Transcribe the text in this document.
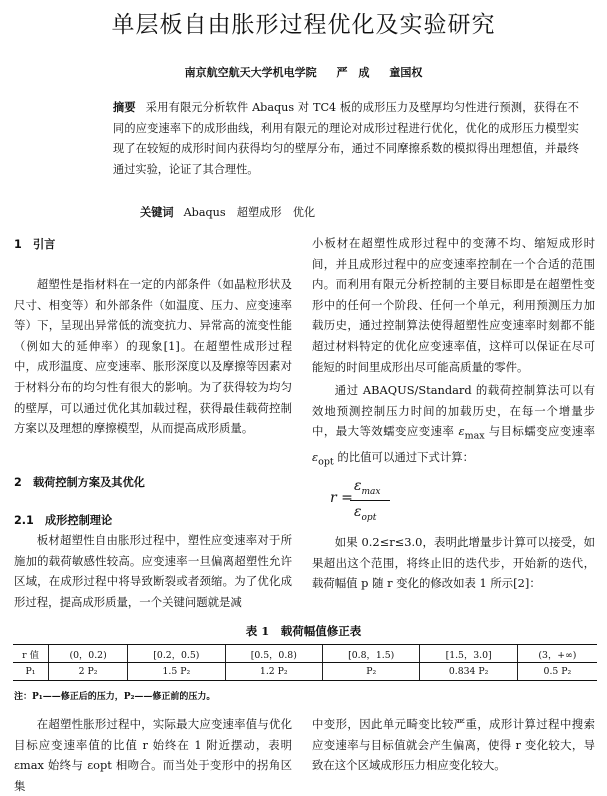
单层板自由胀形过程优化及实验研究
南京航空航天大学机电学院 严　成 童国权
摘要 采用有限元分析软件 Abaqus 对 TC4 板的成形压力及壁厚均匀性进行预测，获得在不同的应变速率下的成形曲线，利用有限元的理论对成形过程进行优化，优化的成形压力模型实现了在较短的成形时间内获得均匀的壁厚分布，通过不同摩擦系数的模拟得出理想值，并最终通过实验，论证了其合理性。
关键词 Abaqus　超塑成形　优化
1　引言

超塑性是指材料在一定的内部条件（如晶粒形状及尺寸、相变等）和外部条件（如温度、压力、应变速率等）下，呈现出异常低的流变抗力、异常高的流变性能（例如大的延伸率）的现象[1]。在超塑性成形过程中，成形温度、应变速率、胀形深度以及摩擦等因素对于材料分布的均匀性有很大的影响。为了获得较为均匀的壁厚，可以通过优化其加载过程，获得最佳载荷控制方案以及理想的摩擦模型，从而提高成形质量。

2　载荷控制方案及其优化
2.1　成形控制理论

板材超塑性自由胀形过程中，塑性应变速率对于所施加的载荷敏感性较高。应变速率一旦偏离超塑性允许区域，在成形过程中将导致断裂或者颈缩。为了优化成形过程，提高成形质量，一个关键问题就是减

小板材在超塑性成形过程中的变薄不均、缩短成形时间，并且成形过程中的应变速率控制在一个合适的范围内。而利用有限元分析控制的主要目标即是在超塑性变形中的任何一个阶段、任何一个单元，利用预测压力加载历史，通过控制算法使得超塑性应变速率时刻都不能超过材料特定的优化应变速率值，这样可以保证在尽可能短的时间里成形出尽可能高质量的零件。

通过 ABAQUS/Standard 的载荷控制算法可以有效地预测控制压力时间的加载历史，在每一个增量步中，最大等效蠕变应变速率 $\varepsilon_{max}$ 与目标蠕变应变速率 $\varepsilon_{opt}$ 的比值可以通过下式计算：

r =
$\varepsilon_{max}$
$\varepsilon_{opt}$

如果 0.2≤r≤3.0，表明此增量步计算可以接受，如果超出这个范围，将终止旧的迭代步，开始新的迭代，载荷幅值 p 随 r 变化的修改如表 1 所示[2]：

表 1　载荷幅值修正表
r 值	(0，0.2)	[0.2，0.5)	[0.5，0.8)	[0.8，1.5)	[1.5，3.0]	(3，+∞)
P₁	2 P₂	1.5 P₂	1.2 P₂	P₂	0.834 P₂	0.5 P₂
注：P₁——修正后的压力，P₂——修正前的压力。

在超塑性胀形过程中，实际最大应变速率值与优化目标应变速率值的比值 r 始终在 1 附近摆动，表明 εmax 始终与 εopt 相吻合。而当处于变形中的拐角区集

中变形，因此单元畸变比较严重，成形计算过程中搜索应变速率与目标值就会产生偏离，使得 r 变化较大，导致在这个区域成形压力相应变化较大。
